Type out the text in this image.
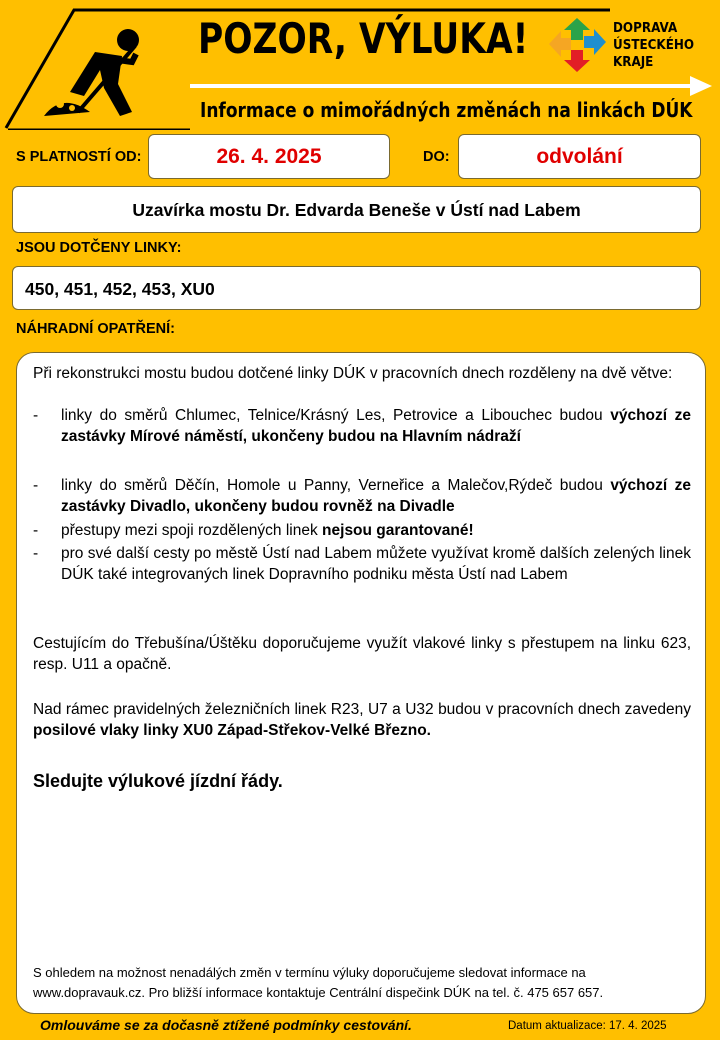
POZOR, VÝLUKA!
Informace o mimořádných změnách na linkách DÚK
DOPRAVA
ÚSTECKÉHO
KRAJE
S PLATNOSTÍ OD:	26. 4. 2025	DO:	odvolání
Uzavírka mostu Dr. Edvarda Beneše v Ústí nad Labem
JSOU DOTČENY LINKY:
450, 451, 452, 453, XU0
NÁHRADNÍ OPATŘENÍ:
Při rekonstrukci mostu budou dotčené linky DÚK v pracovních dnech rozděleny na dvě větve:
- linky do směrů Chlumec, Telnice/Krásný Les, Petrovice a Libouchec budou výchozí ze zastávky Mírové náměstí, ukončeny budou na Hlavním nádraží
- linky do směrů Děčín, Homole u Panny, Verneřice a Malečov,Rýdeč budou výchozí ze zastávky Divadlo, ukončeny budou rovněž na Divadle
- přestupy mezi spoji rozdělených linek nejsou garantované!
- pro své další cesty po městě Ústí nad Labem můžete využívat kromě dalších zelených linek DÚK také integrovaných linek Dopravního podniku města Ústí nad Labem
Cestujícím do Třebušína/Úštěku doporučujeme využít vlakové linky s přestupem na linku 623, resp. U11 a opačně.
Nad rámec pravidelných železničních linek R23, U7 a U32 budou v pracovních dnech zavedeny posilové vlaky linky XU0 Západ-Střekov-Velké Březno.
Sledujte výlukové jízdní řády.
S ohledem na možnost nenadálých změn v termínu výluky doporučujeme sledovat informace na www.dopravauk.cz. Pro bližší informace kontaktuje Centrální dispečink DÚK na tel. č. 475 657 657.
Omlouváme se za dočasně ztížené podmínky cestování.	Datum aktualizace: 17. 4. 2025
